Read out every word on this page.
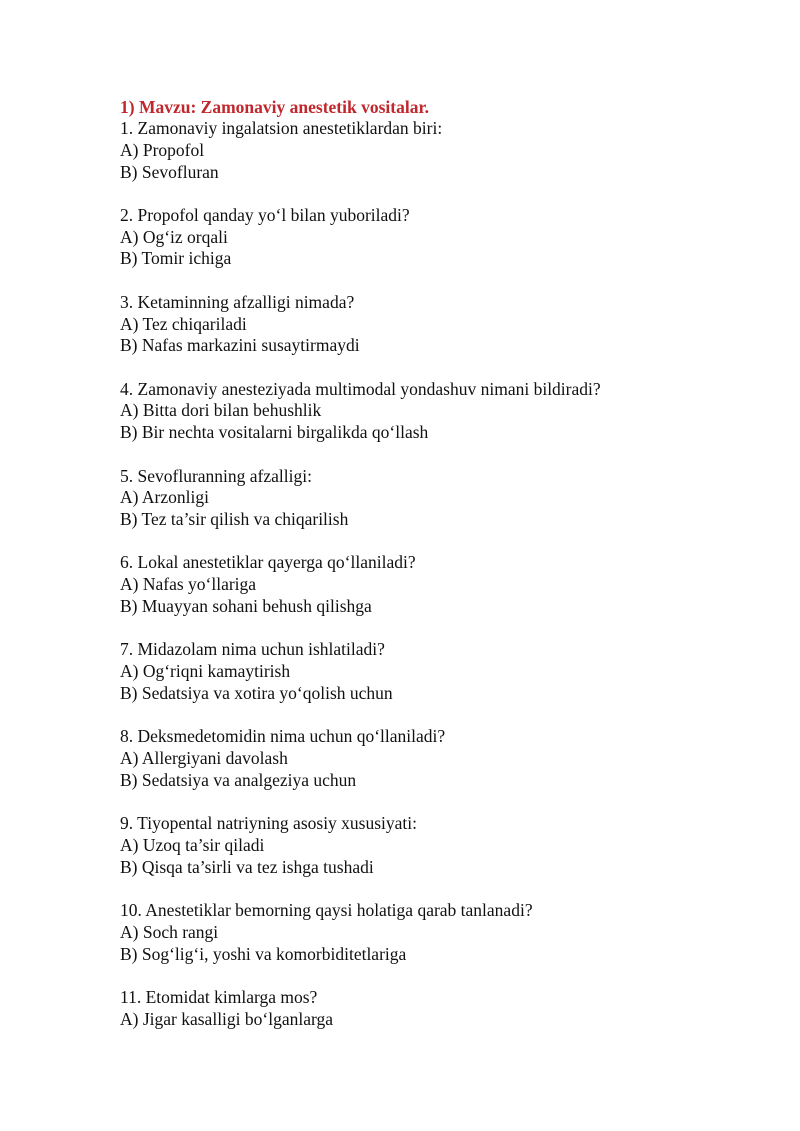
1) Mavzu: Zamonaviy anestetik vositalar.

1. Zamonaviy ingalatsion anestetiklardan biri:

A) Propofol

B) Sevofluran

2. Propofol qanday yo‘l bilan yuboriladi?

A) Og‘iz orqali

B) Tomir ichiga

3. Ketaminning afzalligi nimada?

A) Tez chiqariladi

B) Nafas markazini susaytirmaydi

4. Zamonaviy anesteziyada multimodal yondashuv nimani bildiradi?

A) Bitta dori bilan behushlik

B) Bir nechta vositalarni birgalikda qo‘llash

5. Sevofluranning afzalligi:

A) Arzonligi

B) Tez ta’sir qilish va chiqarilish

6. Lokal anestetiklar qayerga qo‘llaniladi?

A) Nafas yo‘llariga

B) Muayyan sohani behush qilishga

7. Midazolam nima uchun ishlatiladi?

A) Og‘riqni kamaytirish

B) Sedatsiya va xotira yo‘qolish uchun

8. Deksmedetomidin nima uchun qo‘llaniladi?

A) Allergiyani davolash

B) Sedatsiya va analgeziya uchun

9. Tiyopental natriyning asosiy xususiyati:

A) Uzoq ta’sir qiladi

B) Qisqa ta’sirli va tez ishga tushadi

10. Anestetiklar bemorning qaysi holatiga qarab tanlanadi?

A) Soch rangi

B) Sog‘lig‘i, yoshi va komorbiditetlariga

11. Etomidat kimlarga mos?

A) Jigar kasalligi bo‘lganlarga
